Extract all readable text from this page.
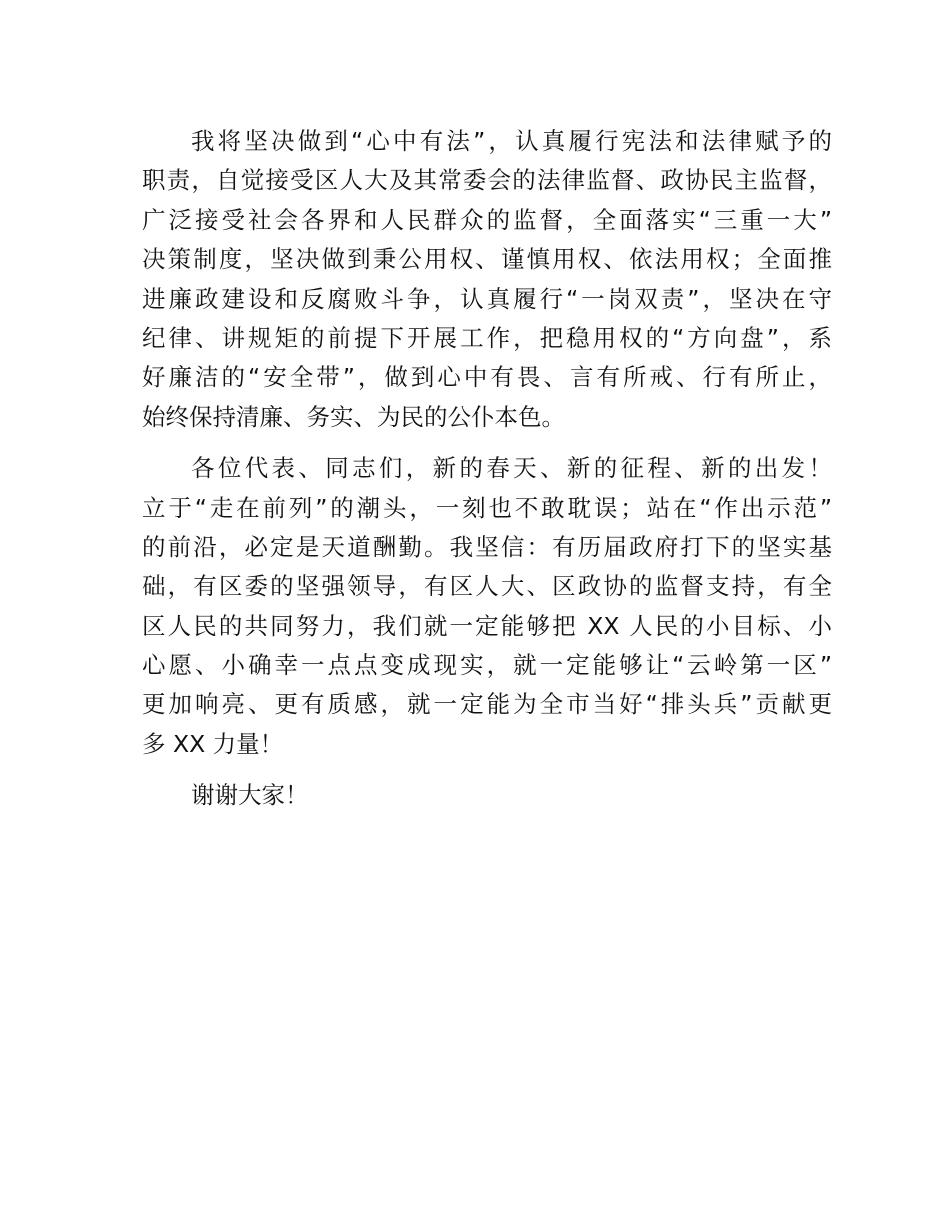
我将坚决做到“心中有法”，认真履行宪法和法律赋予的
职责，自觉接受区人大及其常委会的法律监督、政协民主监督，
广泛接受社会各界和人民群众的监督，全面落实“三重一大”
决策制度，坚决做到秉公用权、谨慎用权、依法用权；全面推
进廉政建设和反腐败斗争，认真履行“一岗双责”，坚决在守
纪律、讲规矩的前提下开展工作，把稳用权的“方向盘”，系
好廉洁的“安全带”，做到心中有畏、言有所戒、行有所止，
始终保持清廉、务实、为民的公仆本色。
各位代表、同志们，新的春天、新的征程、新的出发！
立于“走在前列”的潮头，一刻也不敢耽误；站在“作出示范”
的前沿，必定是天道酬勤。我坚信：有历届政府打下的坚实基
础，有区委的坚强领导，有区人大、区政协的监督支持，有全
区人民的共同努力，我们就一定能够把 XX 人民的小目标、小
心愿、小确幸一点点变成现实，就一定能够让“云岭第一区”
更加响亮、更有质感，就一定能为全市当好“排头兵”贡献更
多 XX 力量！
谢谢大家！
